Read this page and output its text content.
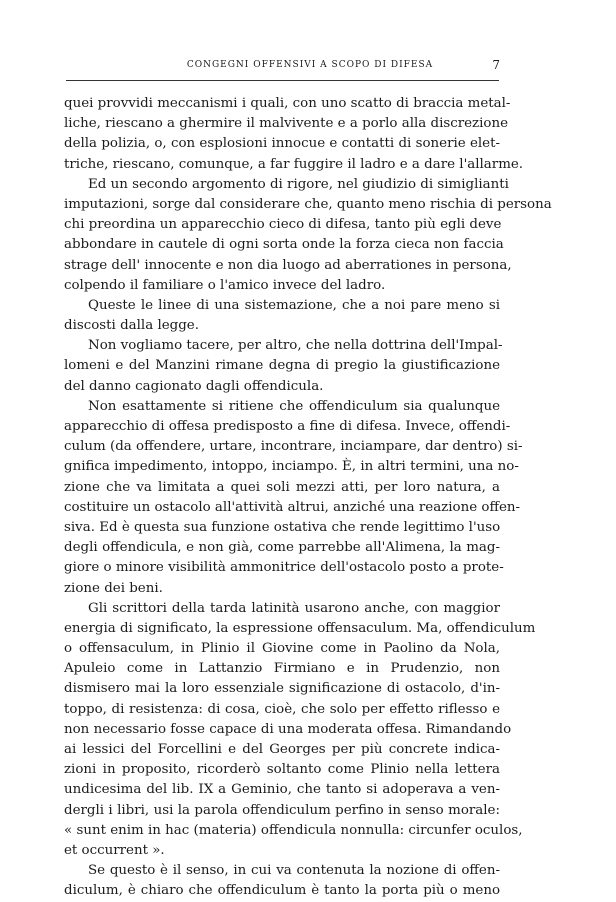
CONGEGNI OFFENSIVI A SCOPO DI DIFESA	7
quei provvidi meccanismi i quali, con uno scatto di braccia metal-
liche, riescano a ghermire il malvivente e a porlo alla discrezione
della polizia, o, con esplosioni innocue e contatti di sonerie elet-
triche, riescano, comunque, a far fuggire il ladro e a dare l'allarme.
Ed un secondo argomento di rigore, nel giudizio di simiglianti
imputazioni, sorge dal considerare che, quanto meno rischia di persona
chi preordina un apparecchio cieco di difesa, tanto più egli deve
abbondare in cautele di ogni sorta onde la forza cieca non faccia
strage dell' innocente e non dia luogo ad aberrationes in persona,
colpendo il familiare o l'amico invece del ladro.
Queste le linee di una sistemazione, che a noi pare meno si
discosti dalla legge.
Non vogliamo tacere, per altro, che nella dottrina dell'Impal-
lomeni e del Manzini rimane degna di pregio la giustificazione
del danno cagionato dagli offendicula.
Non esattamente si ritiene che offendiculum sia qualunque
apparecchio di offesa predisposto a fine di difesa. Invece, offendi-
culum (da offendere, urtare, incontrare, inciampare, dar dentro) si-
gnifica impedimento, intoppo, inciampo. È, in altri termini, una no-
zione che va limitata a quei soli mezzi atti, per loro natura, a
costituire un ostacolo all'attività altrui, anziché una reazione offen-
siva. Ed è questa sua funzione ostativa che rende legittimo l'uso
degli offendicula, e non già, come parrebbe all'Alimena, la mag-
giore o minore visibilità ammonitrice dell'ostacolo posto a prote-
zione dei beni.
Gli scrittori della tarda latinità usarono anche, con maggior
energia di significato, la espressione offensaculum. Ma, offendiculum
o offensaculum, in Plinio il Giovine come in Paolino da Nola,
Apuleio come in Lattanzio Firmiano e in Prudenzio, non
dismisero mai la loro essenziale significazione di ostacolo, d'in-
toppo, di resistenza: di cosa, cioè, che solo per effetto riflesso e
non necessario fosse capace di una moderata offesa. Rimandando
ai lessici del Forcellini e del Georges per più concrete indica-
zioni in proposito, ricorderò soltanto come Plinio nella lettera
undicesima del lib. IX a Geminio, che tanto si adoperava a ven-
dergli i libri, usi la parola offendiculum perfino in senso morale:
« sunt enim in hac (materia) offendicula nonnulla: circunfer oculos,
et occurrent ».
Se questo è il senso, in cui va contenuta la nozione di offen-
diculum, è chiaro che offendiculum è tanto la porta più o meno
